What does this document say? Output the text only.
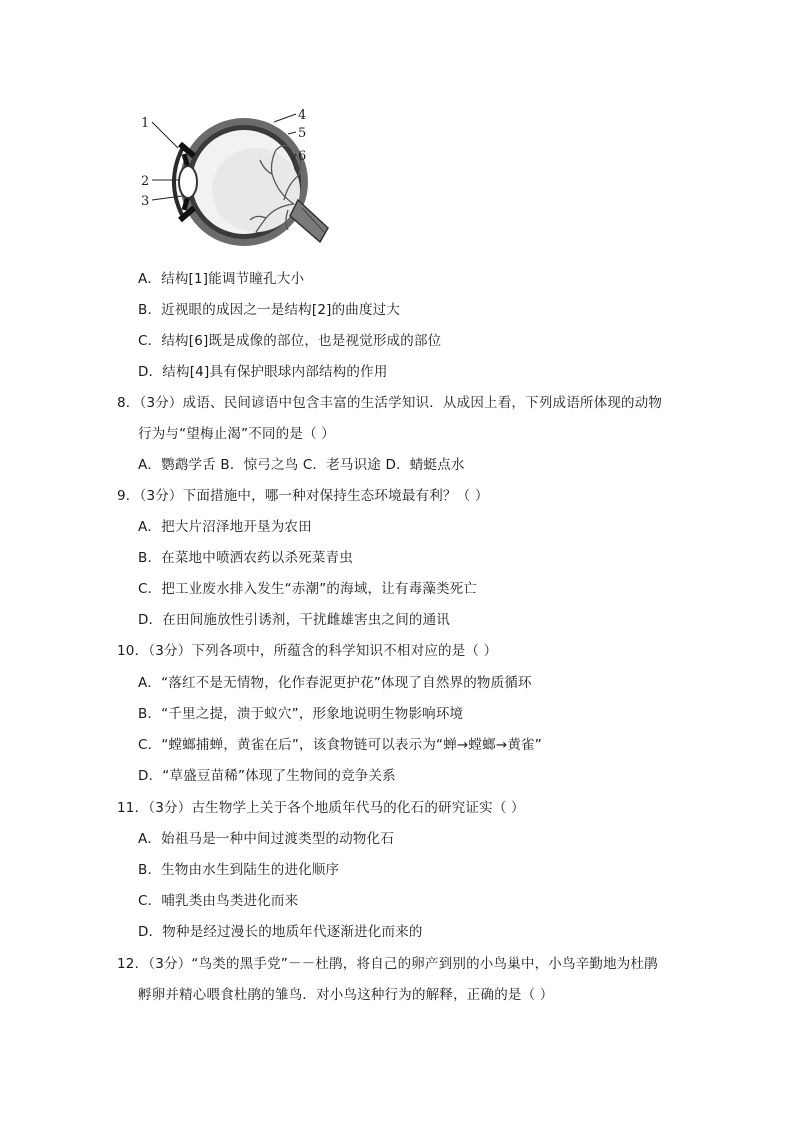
1
2
3
4
5
6
A．结构[1]能调节瞳孔大小
B．近视眼的成因之一是结构[2]的曲度过大
C．结构[6]既是成像的部位，也是视觉形成的部位
D．结构[4]具有保护眼球内部结构的作用
8．（3分）成语、民间谚语中包含丰富的生活学知识．从成因上看，下列成语所体现的动物
行为与“望梅止渴”不同的是（ ）
A．鹦鹉学舌 B．惊弓之鸟 C．老马识途 D．蜻蜓点水
9．（3分）下面措施中，哪一种对保持生态环境最有利？（ ）
A．把大片沼泽地开垦为农田
B．在菜地中喷洒农药以杀死菜青虫
C．把工业废水排入发生“赤潮”的海域，让有毒藻类死亡
D．在田间施放性引诱剂，干扰雌雄害虫之间的通讯
10．（3分）下列各项中，所蕴含的科学知识不相对应的是（ ）
A．“落红不是无情物，化作春泥更护花”体现了自然界的物质循环
B．“千里之提，溃于蚁穴”，形象地说明生物影响环境
C．“螳螂捕蝉，黄雀在后”，该食物链可以表示为“蝉→螳螂→黄雀”
D．“草盛豆苗稀”体现了生物间的竞争关系
11．（3分）古生物学上关于各个地质年代马的化石的研究证实（ ）
A．始祖马是一种中间过渡类型的动物化石
B．生物由水生到陆生的进化顺序
C．哺乳类由鸟类进化而来
D．物种是经过漫长的地质年代逐渐进化而来的
12．（3分）“鸟类的黑手党”－－杜鹃，将自己的卵产到别的小鸟巢中，小鸟辛勤地为杜鹃
孵卵并精心喂食杜鹃的雏鸟．对小鸟这种行为的解释，正确的是（ ）
